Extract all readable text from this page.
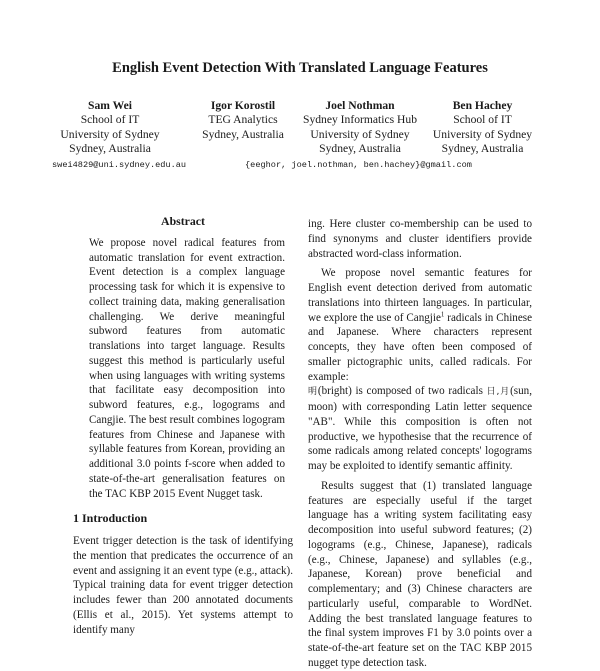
English Event Detection With Translated Language Features
Sam Wei
School of IT
University of Sydney
Sydney, Australia
Igor Korostil
TEG Analytics
Sydney, Australia
Joel Nothman
Sydney Informatics Hub
University of Sydney
Sydney, Australia
Ben Hachey
School of IT
University of Sydney
Sydney, Australia
swei4829@uni.sydney.edu.au	{eeghor, joel.nothman, ben.hachey}@gmail.com
Abstract

We propose novel radical features from automatic translation for event extraction. Event detection is a complex language processing task for which it is expensive to collect training data, making generalisation challenging. We derive meaningful subword features from automatic translations into target language. Results suggest this method is particularly useful when using languages with writing systems that facilitate easy decomposition into subword features, e.g., logograms and Cangjie. The best result combines logogram features from Chinese and Japanese with syllable features from Korean, providing an additional 3.0 points f-score when added to state-of-the-art generalisation features on the TAC KBP 2015 Event Nugget task.

1 Introduction

Event trigger detection is the task of identifying the mention that predicates the occurrence of an event and assigning it an event type (e.g., attack). Typical training data for event trigger detection includes fewer than 200 annotated documents (Ellis et al., 2015). Yet systems attempt to identify many

ing. Here cluster co-membership can be used to find synonyms and cluster identifiers provide abstracted word-class information.

We propose novel semantic features for English event detection derived from automatic translations into thirteen languages. In particular, we explore the use of Cangjie$^1$ radicals in Chinese and Japanese. Where characters represent concepts, they have often been composed of smaller pictographic units, called radicals. For example:
明(bright) is composed of two radicals 日,月(sun, moon) with corresponding Latin letter sequence "AB". While this composition is often not productive, we hypothesise that the recurrence of some radicals among related concepts' logograms may be exploited to identify semantic affinity.

Results suggest that (1) translated language features are especially useful if the target language has a writing system facilitating easy decomposition into useful subword features; (2) logograms (e.g., Chinese, Japanese), radicals (e.g., Chinese, Japanese) and syllables (e.g., Japanese, Korean) prove beneficial and complementary; and (3) Chinese characters are particularly useful, comparable to WordNet. Adding the best translated language features to the final system improves F1 by 3.0 points over a state-of-the-art feature set on the TAC KBP 2015 nugget type detection task.
